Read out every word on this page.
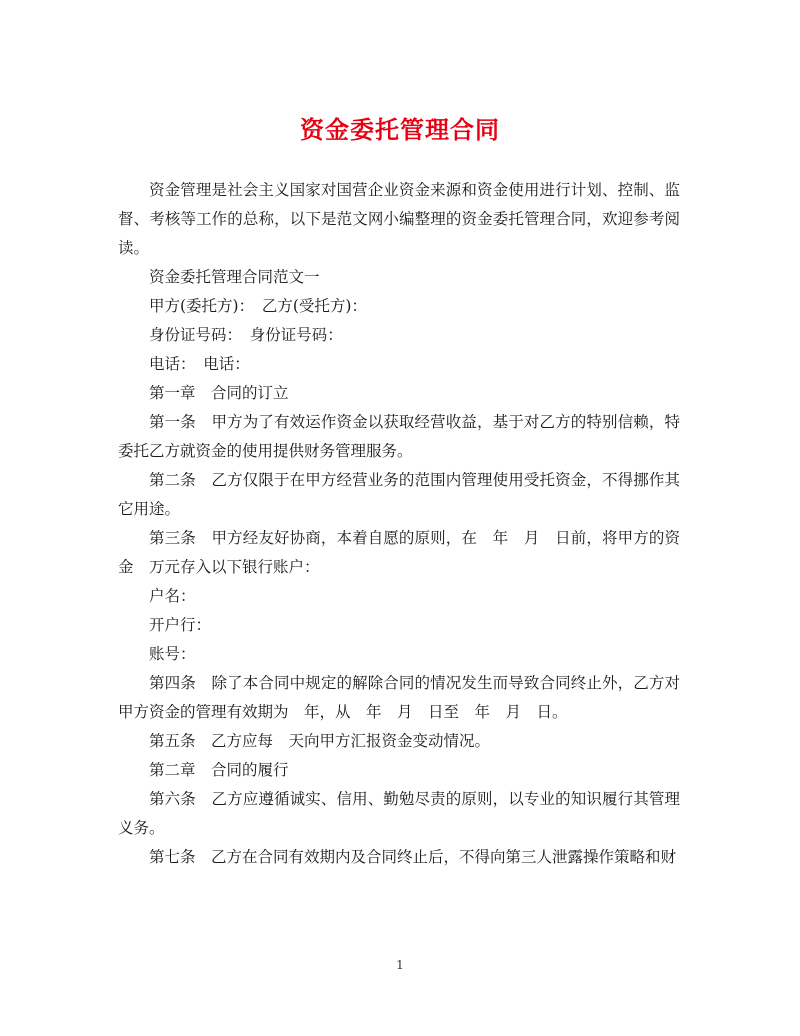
资金委托管理合同

资金管理是社会主义国家对国营企业资金来源和资金使用进行计划、控制、监督、考核等工作的总称，以下是范文网小编整理的资金委托管理合同，欢迎参考阅读。

资金委托管理合同范文一

甲方(委托方)：　乙方(受托方)：

身份证号码：　身份证号码：

电话：　电话：

第一章　合同的订立

第一条　甲方为了有效运作资金以获取经营收益，基于对乙方的特别信赖，特委托乙方就资金的使用提供财务管理服务。

第二条　乙方仅限于在甲方经营业务的范围内管理使用受托资金，不得挪作其它用途。

第三条　甲方经友好协商，本着自愿的原则，在　年　月　日前，将甲方的资金　万元存入以下银行账户：

户名：

开户行：

账号：

第四条　除了本合同中规定的解除合同的情况发生而导致合同终止外，乙方对甲方资金的管理有效期为　年，从　年　月　日至　年　月　日。

第五条　乙方应每　天向甲方汇报资金变动情况。

第二章　合同的履行

第六条　乙方应遵循诚实、信用、勤勉尽责的原则，以专业的知识履行其管理义务。

第七条　乙方在合同有效期内及合同终止后，不得向第三人泄露操作策略和财

1
